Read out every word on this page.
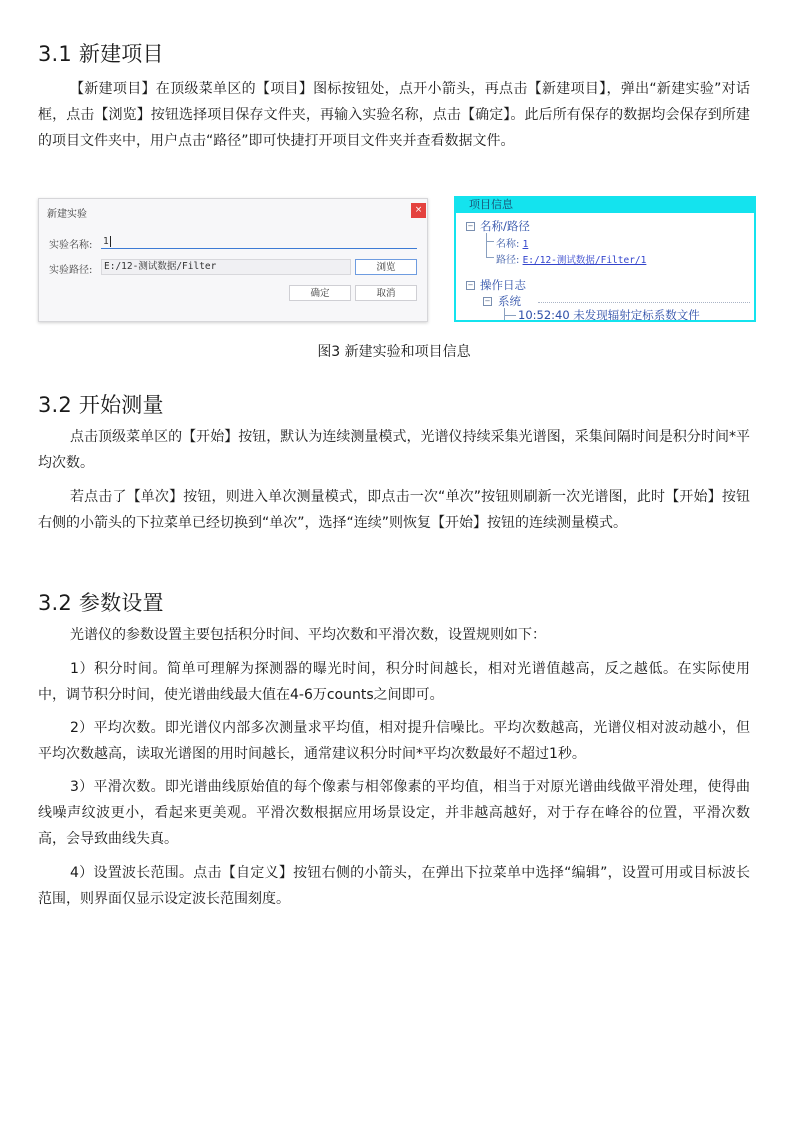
3.1 新建项目

【新建项目】在顶级菜单区的【项目】图标按钮处，点开小箭头，再点击【新建项目】，弹出“新建实验”对话框，点击【浏览】按钮选择项目保存文件夹，再输入实验名称，点击【确定】。此后所有保存的数据均会保存到所建的项目文件夹中，用户点击“路径”即可快捷打开项目文件夹并查看数据文件。

新建实验	×
实验名称: 1
实验路径:	E:/12-测试数据/Filter	浏览
确定	取消
项目信息
− 名称/路径
名称: 1
路径: E:/12-测试数据/Filter/1
− 操作日志
− 系统
10:52:40 未发现辐射定标系数文件
图3 新建实验和项目信息
3.2 开始测量

点击顶级菜单区的【开始】按钮，默认为连续测量模式，光谱仪持续采集光谱图，采集间隔时间是积分时间*平均次数。

若点击了【单次】按钮，则进入单次测量模式，即点击一次“单次”按钮则刷新一次光谱图，此时【开始】按钮右侧的小箭头的下拉菜单已经切换到“单次”，选择“连续”则恢复【开始】按钮的连续测量模式。

3.2 参数设置

光谱仪的参数设置主要包括积分时间、平均次数和平滑次数，设置规则如下：

1）积分时间。简单可理解为探测器的曝光时间，积分时间越长，相对光谱值越高，反之越低。在实际使用中，调节积分时间，使光谱曲线最大值在4-6万counts之间即可。

2）平均次数。即光谱仪内部多次测量求平均值，相对提升信噪比。平均次数越高，光谱仪相对波动越小，但平均次数越高，读取光谱图的用时间越长，通常建议积分时间*平均次数最好不超过1秒。

3）平滑次数。即光谱曲线原始值的每个像素与相邻像素的平均值，相当于对原光谱曲线做平滑处理，使得曲线噪声纹波更小，看起来更美观。平滑次数根据应用场景设定，并非越高越好，对于存在峰谷的位置，平滑次数高，会导致曲线失真。

4）设置波长范围。点击【自定义】按钮右侧的小箭头，在弹出下拉菜单中选择“编辑”，设置可用或目标波长范围，则界面仅显示设定波长范围刻度。
